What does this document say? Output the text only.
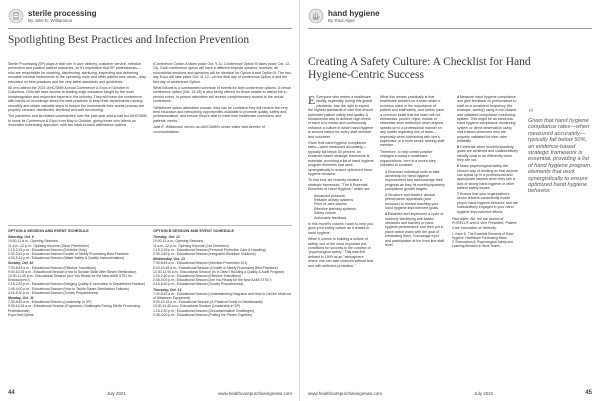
sterile processing
By Julie E. Williamson
Spotlighting Best Practices and Infection Prevention

Sterile Processing (SP) plays a vital role in care delivery, customer service, infection prevention and positive patient outcomes, so it's imperative that SP professionals—who are responsible for cleaning, disinfecting, sterilizing, inspecting and delivering reusable medical instruments to the operating room and other patient care areas—stay educated on best practices and the very latest standards and guidelines.

All who attend the 2021 IAHCSMM Annual Conference & Expo in October in Columbus, Ohio will have access to leading-edge education taught by the most knowledgeable and respected experts in the industry. They will leave the conference with hands-on knowledge about the best practices to keep their departments running smoothly and obtain valuable steps to ensure the instruments their teams process are properly cleaned, disinfected, sterilized and well-functioning.

The pandemic and its related uncertainties over the past year-and-a-half led IAHCSMM to move its Conference & Expo from May to October, giving those who attend an innovative scheduling approach, with two back-to-back attendance options

(Conference Option A takes place Oct. 9-11; Conference Option B takes place Oct. 12-14). Each conference option will have a different keynote speaker; however, all educational sessions and speakers will be identical for Option A and Option B. The two-day Expo will take place Oct. 11-12—on the final day of conference Option A and the first day of conference Option.

What follows is a summarized schedule of events for both conference options. A virtual conference option (Oct. 15-28) is also being offered for those unable to attend the in-person event. In-person attendees will receive complimentary access to the virtual conference.

"Whichever option attendees choose, they can be confident they will receive the very best education and networking opportunities available to promote quality, safety and professionalism, and ensure they're able to meet their healthcare customers' and patients' needs."

Julie E. Williamson serves as IAHCSMM's senior editor and director of communications.

OPTION A SESSION AND EVENT SCHEDULE
Saturday, Oct. 9
10:00-11 a.m.: Opening Sessions
11 a.m.-12 p.m.: Opening Keynote (Steve Pemberton)
1:15-2:15 p.m.: Educational Session (Exhibitor Only)
2:30-3:45 p.m.: Educational Session Double or Newly Processing Best Practices
4:00-5:15 p.m.: Educational Session (Water Safety & Quality Instrumentation)
Sunday, Oct. 10
7:30-8:45 a.m.: Educational Session (Effective Transitions)
9:00-10:15 a.m.: Educational Session (How to Sustain Skills After Steam Sterilization)
10:30-11:45 a.m.: Educational Session (Are You Ready for the New AAMI ST91 for Endoscopes?)
1:15-2:30 p.m.: Educational Session (Bringing Quality & Innovation to Department Practice)
2:45-4:00 p.m.: Educational Session (How to Tackle Steam Sterilization Failures)
4:15-5:30 p.m.: Educational Session (Survey Preparedness)
Monday, Oct. 11
7:30-8:45 a.m.: Educational Session (Leadership in SP)
9:00-10:15 a.m.: Educational Session (Ergonomic Challenges Facing Sterile Processing Professionals)
Expo Hall Opens
OPTION B SESSION AND EVENT SCHEDULE
Tuesday, Oct. 12
10:00-11 a.m.: Opening Sessions
11 a.m.-12 p.m.: Opening Keynote (Jon Dorenbos)
1:15-2:15 p.m.: Educational Session (Personal Protective Care & Handling)
2:30-3:45 p.m.: Educational Session (Integrated Workflow Solutions)
Wednesday, Oct. 13
7:30-8:45 a.m.: Educational Session (Infection Prevention 101)
9:00-10:15 a.m.: Educational Session (Double or Newly Processing Best Practices)
10:30-11:45 a.m.: Educational Session (Is It Clean? Building a Quality & Audit Program)
1:15-2:30 p.m.: Educational Session (Effective Transitions)
2:45-4:00 p.m.: Educational Session (Are You Ready for the New AAMI ST91?)
4:15-5:30 p.m.: Educational Session (Survey Preparedness)
Thursday, Oct. 14
7:30-8:45 a.m.: Educational Session (Understanding Diagrams and How to Get the Most out of Ultrasonic Equipment)
9:00-10:15 a.m.: Educational Session (A Practical Guide to Disinfectants)
10:30-11:45 a.m.: Educational Session (Leadership in SP)
1:15-2:30 p.m.: Educational Session (Decontamination Challenges)
2:45-4:00 p.m.: Educational Session (Putting the Pieces Together)
44	July 2021	www.healthcarepurchasingnews.com
hand hygiene
By Paul Alper
Creating A Safety Culture: A Checklist for Hand
Hygiene-Centric Success

E Everyone who enters a healthcare facility, especially during this global pandemic, has the right to expect the highest standards of care that ensure optimized patient safety and quality. A fundamental way to achieve high levels of each is to create and continuously enhance a culture in which hand hygiene is second nature for every staff member and volunteer.

Given that hand hygiene compliance rates—when measured accurately—typically fall below 50 percent, an evidence-based strategic framework is essential, providing a list of hand hygiene program elements that work synergistically to ensure optimized hand hygiene behavior.

To that end, we recently created a strategic framework: "The 6 Essential Elements of Hand Hygiene," which are:

• Advanced products
• Reliable activity systems
• Point-of-care access
• Effective learning systems
• Safety culture
• Actionable feedback

In this month's column I want to help you grow your safety culture as it relates to hand hygiene.

When it comes to building a culture of safety, one of the most important pre-conditions for success is the concept of "psychological safety." This was first defined in 1999 as an "atmosphere where one can take chances without fear and with sufficient protection."

What this means practically is that healthcare workers on a team share a common value in the importance of patient and staff safety, and further have a common belief that the team will not embarrass, punish, reject, isolate or otherwise seek retribution when anyone speaks up to a professional manner on any matter regarding risk of harm—especially when interacting with one's supervisor or a more senior ranking staff member.

Therefore, to help create positive changes in today's healthcare organizations, here is a seven-step checklist to consider:

1 Empower individual units to take ownership for hand hygiene improvement and acknowledge their progress as they hit monthly/quarterly compliance growth targets.
2 Structure and leaders' annual performance appraisals (and bonuses) to reward reaching your hand hygiene improvement goals.
3 Establish and implement a cycle of routinely identifying unit-based obstacles and barriers to hand hygiene performance and then put in place action plans with the goal of eliminating them. Encourage input and participation at the front-line staff level.
4 Measure hand hygiene compliance and give feedback on performance to staff on a consistent frequency (for example, weekly) using a non-biased and validated compliance monitoring system. This might be an electronic hand hygiene compliance monitoring system or direct observation using well-trained observers who are properly validated for inter-rater reliability.
5 Celebrate when monthly/quarterly goals are achieved and collaboratively identify what to do differently when they are not.
6 Make psychological safety the chosen way of working so that anyone can speak up in a professional and appropriate fashion when they see a lack of strong hand hygiene or other patient safety issues.
7 Ensure that your organization's senior leaders consistently model proper hand hygiene behavior and are substantively engaged in your hand hygiene improvement efforts.

Paul Alper, BA, led the launch of PURELL® and is Vice President, Patient Care Innovation at Vectorlty.

1. Kane D. The Essential Elements of Hand Hygiene. Healthcare Purchasing News.
2. Edmondson A. Psychological Safety and Learning Behavior in Work Teams.
“
Given that hand hygiene compliance rates—when measured accurately—typically fall below 50%, an evidence-based strategic framework is essential, providing a list of hand hygiene program elements that work synergistically to ensure optimized hand hygiene behavior.
www.healthcarepurchasingnews.com	July 2021	45
